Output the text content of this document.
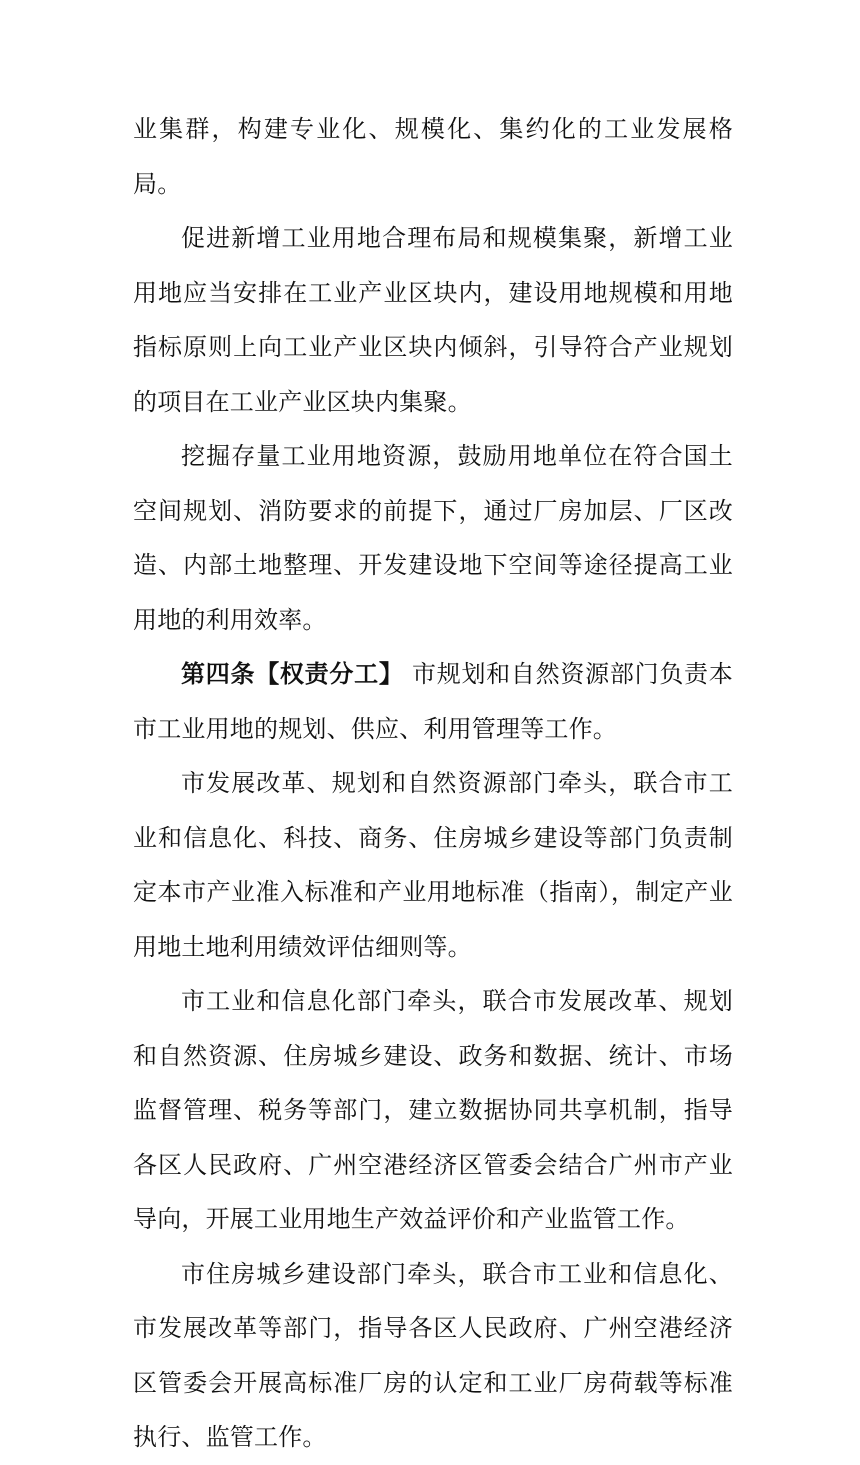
业集群，构建专业化、规模化、集约化的工业发展格局。

促进新增工业用地合理布局和规模集聚，新增工业用地应当安排在工业产业区块内，建设用地规模和用地指标原则上向工业产业区块内倾斜，引导符合产业规划的项目在工业产业区块内集聚。

挖掘存量工业用地资源，鼓励用地单位在符合国土空间规划、消防要求的前提下，通过厂房加层、厂区改造、内部土地整理、开发建设地下空间等途径提高工业用地的利用效率。

第四条【权责分工】 市规划和自然资源部门负责本市工业用地的规划、供应、利用管理等工作。

市发展改革、规划和自然资源部门牵头，联合市工业和信息化、科技、商务、住房城乡建设等部门负责制定本市产业准入标准和产业用地标准（指南），制定产业用地土地利用绩效评估细则等。

市工业和信息化部门牵头，联合市发展改革、规划和自然资源、住房城乡建设、政务和数据、统计、市场监督管理、税务等部门，建立数据协同共享机制，指导各区人民政府、广州空港经济区管委会结合广州市产业导向，开展工业用地生产效益评价和产业监管工作。

市住房城乡建设部门牵头，联合市工业和信息化、市发展改革等部门，指导各区人民政府、广州空港经济区管委会开展高标准厂房的认定和工业厂房荷载等标准执行、监管工作。
